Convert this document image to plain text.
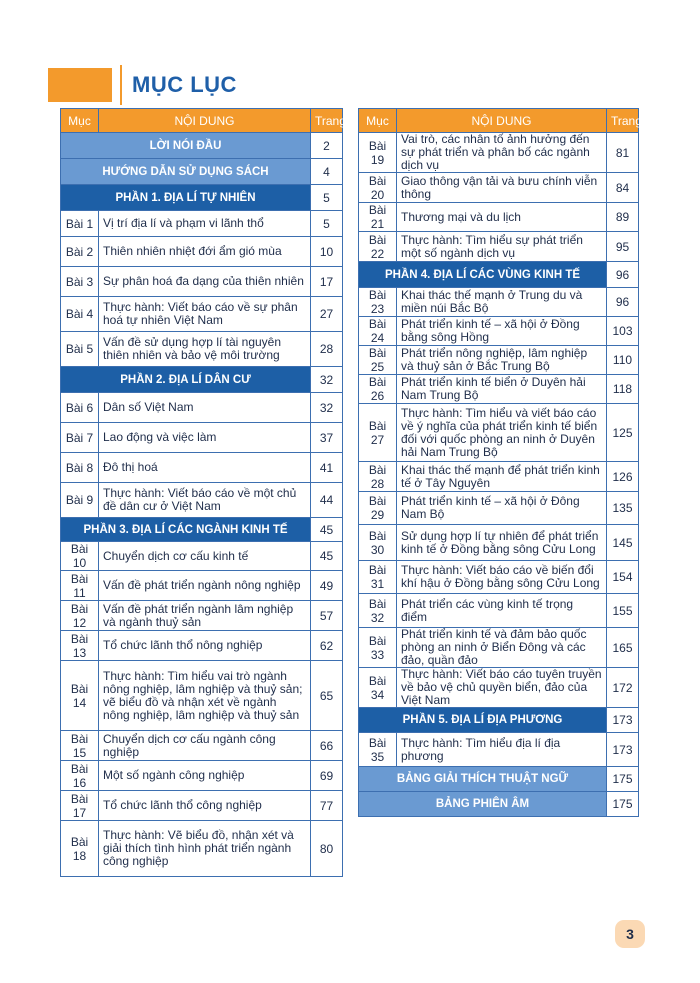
MỤC LỤC
Mục	NỘI DUNG	Trang
LỜI NÓI ĐẦU		2
HƯỚNG DẪN SỬ DỤNG SÁCH		4
PHẦN 1. ĐỊA LÍ TỰ NHIÊN		5
Bài 1	Vị trí địa lí và phạm vi lãnh thổ	5
Bài 2	Thiên nhiên nhiệt đới ẩm gió mùa	10
Bài 3	Sự phân hoá đa dạng của thiên nhiên	17
Bài 4	Thực hành: Viết báo cáo về sự phân hoá tự nhiên Việt Nam	27
Bài 5	Vấn đề sử dụng hợp lí tài nguyên thiên nhiên và bảo vệ môi trường	28
PHẦN 2. ĐỊA LÍ DÂN CƯ		32
Bài 6	Dân số Việt Nam	32
Bài 7	Lao động và việc làm	37
Bài 8	Đô thị hoá	41
Bài 9	Thực hành: Viết báo cáo về một chủ đề dân cư ở Việt Nam	44
PHẦN 3. ĐỊA LÍ CÁC NGÀNH KINH TẾ		45
Bài 10	Chuyển dịch cơ cấu kinh tế	45
Bài 11	Vấn đề phát triển ngành nông nghiệp	49
Bài 12	Vấn đề phát triển ngành lâm nghiệp và ngành thuỷ sản	57
Bài 13	Tổ chức lãnh thổ nông nghiệp	62
Bài 14	Thực hành: Tìm hiểu vai trò ngành nông nghiệp, lâm nghiệp và thuỷ sản; vẽ biểu đồ và nhận xét về ngành nông nghiệp, lâm nghiệp và thuỷ sản	65
Bài 15	Chuyển dịch cơ cấu ngành công nghiệp	66
Bài 16	Một số ngành công nghiệp	69
Bài 17	Tổ chức lãnh thổ công nghiệp	77
Bài 18	Thực hành: Vẽ biểu đồ, nhận xét và giải thích tình hình phát triển ngành công nghiệp	80
Mục	NỘI DUNG	Trang
Bài 19	Vai trò, các nhân tố ảnh hưởng đến sự phát triển và phân bố các ngành dịch vụ	81
Bài 20	Giao thông vận tải và bưu chính viễn thông	84
Bài 21	Thương mại và du lịch	89
Bài 22	Thực hành: Tìm hiểu sự phát triển một số ngành dịch vụ	95
PHẦN 4. ĐỊA LÍ CÁC VÙNG KINH TẾ		96
Bài 23	Khai thác thế mạnh ở Trung du và miền núi Bắc Bộ	96
Bài 24	Phát triển kinh tế – xã hội ở Đồng bằng sông Hồng	103
Bài 25	Phát triển nông nghiệp, lâm nghiệp và thuỷ sản ở Bắc Trung Bộ	110
Bài 26	Phát triển kinh tế biển ở Duyên hải Nam Trung Bộ	118
Bài 27	Thực hành: Tìm hiểu và viết báo cáo về ý nghĩa của phát triển kinh tế biển đối với quốc phòng an ninh ở Duyên hải Nam Trung Bộ	125
Bài 28	Khai thác thế mạnh để phát triển kinh tế ở Tây Nguyên	126
Bài 29	Phát triển kinh tế – xã hội ở Đông Nam Bộ	135
Bài 30	Sử dụng hợp lí tự nhiên để phát triển kinh tế ở Đồng bằng sông Cửu Long	145
Bài 31	Thực hành: Viết báo cáo về biến đổi khí hậu ở Đồng bằng sông Cửu Long	154
Bài 32	Phát triển các vùng kinh tế trọng điểm	155
Bài 33	Phát triển kinh tế và đảm bảo quốc phòng an ninh ở Biển Đông và các đảo, quần đảo	165
Bài 34	Thực hành: Viết báo cáo tuyên truyền về bảo vệ chủ quyền biển, đảo của Việt Nam	172
PHẦN 5. ĐỊA LÍ ĐỊA PHƯƠNG		173
Bài 35	Thực hành: Tìm hiểu địa lí địa phương	173
BẢNG GIẢI THÍCH THUẬT NGỮ		175
BẢNG PHIÊN ÂM		175
3
